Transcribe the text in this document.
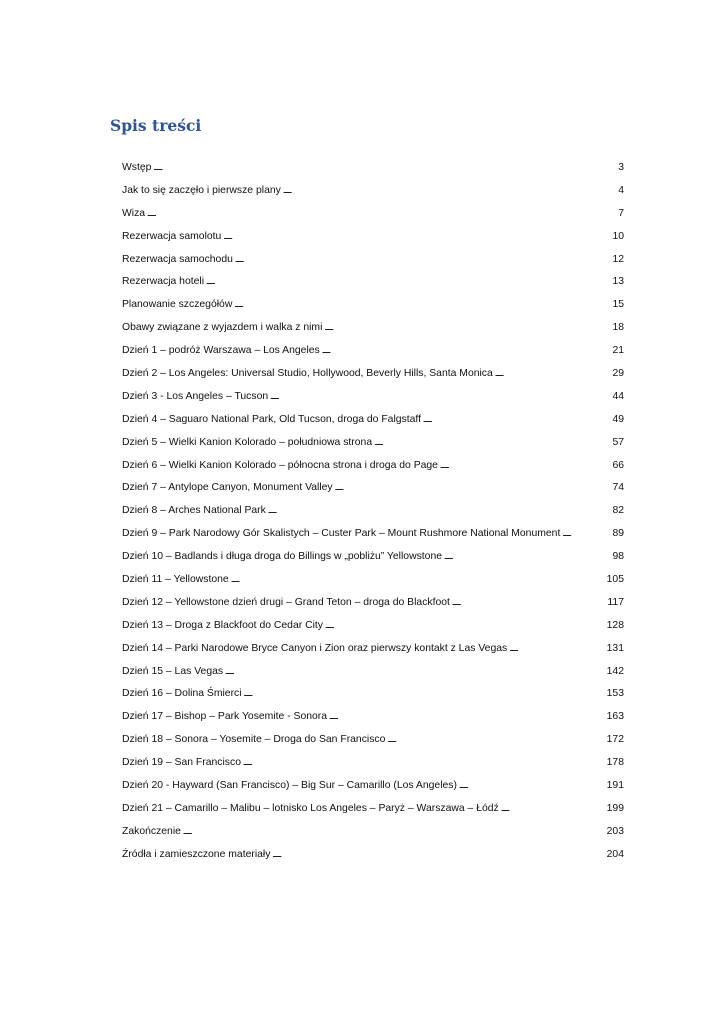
Spis treści
Wstęp . . .	3
Jak to się zaczęło i pierwsze plany . . .	4
Wiza . . .	7
Rezerwacja samolotu . . .	10
Rezerwacja samochodu . . .	12
Rezerwacja hoteli . . .	13
Planowanie szczegółów . . .	15
Obawy związane z wyjazdem i walka z nimi . . .	18
Dzień 1 – podróż Warszawa – Los Angeles . . .	21
Dzień 2 – Los Angeles: Universal Studio, Hollywood, Beverly Hills, Santa Monica . . .	29
Dzień 3 - Los Angeles – Tucson . . .	44
Dzień 4 – Saguaro National Park, Old Tucson, droga do Falgstaff . . .	49
Dzień 5 – Wielki Kanion Kolorado – południowa strona . . .	57
Dzień 6 – Wielki Kanion Kolorado – północna strona i droga do Page . . .	66
Dzień 7 – Antylope Canyon, Monument Valley . . .	74
Dzień 8 – Arches National Park . . .	82
Dzień 9 – Park Narodowy Gór Skalistych – Custer Park – Mount Rushmore National Monument . . .	89
Dzień 10 – Badlands i długa droga do Billings w „pobliżu” Yellowstone . . .	98
Dzień 11 – Yellowstone . . .	105
Dzień 12 – Yellowstone dzień drugi – Grand Teton – droga do Blackfoot . . .	117
Dzień 13 – Droga z Blackfoot do Cedar City . . .	128
Dzień 14 – Parki Narodowe Bryce Canyon i Zion oraz pierwszy kontakt z Las Vegas . . .	131
Dzień 15 – Las Vegas . . .	142
Dzień 16 – Dolina Śmierci . . .	153
Dzień 17 – Bishop – Park Yosemite - Sonora . . .	163
Dzień 18 – Sonora – Yosemite – Droga do San Francisco . . .	172
Dzień 19 – San Francisco . . .	178
Dzień 20 - Hayward (San Francisco) – Big Sur – Camarillo (Los Angeles) . . .	191
Dzień 21 – Camarillo – Malibu – lotnisko Los Angeles – Paryż – Warszawa – Łódź . . .	199
Zakończenie . . .	203
Źródła i zamieszczone materiały . . .	204
